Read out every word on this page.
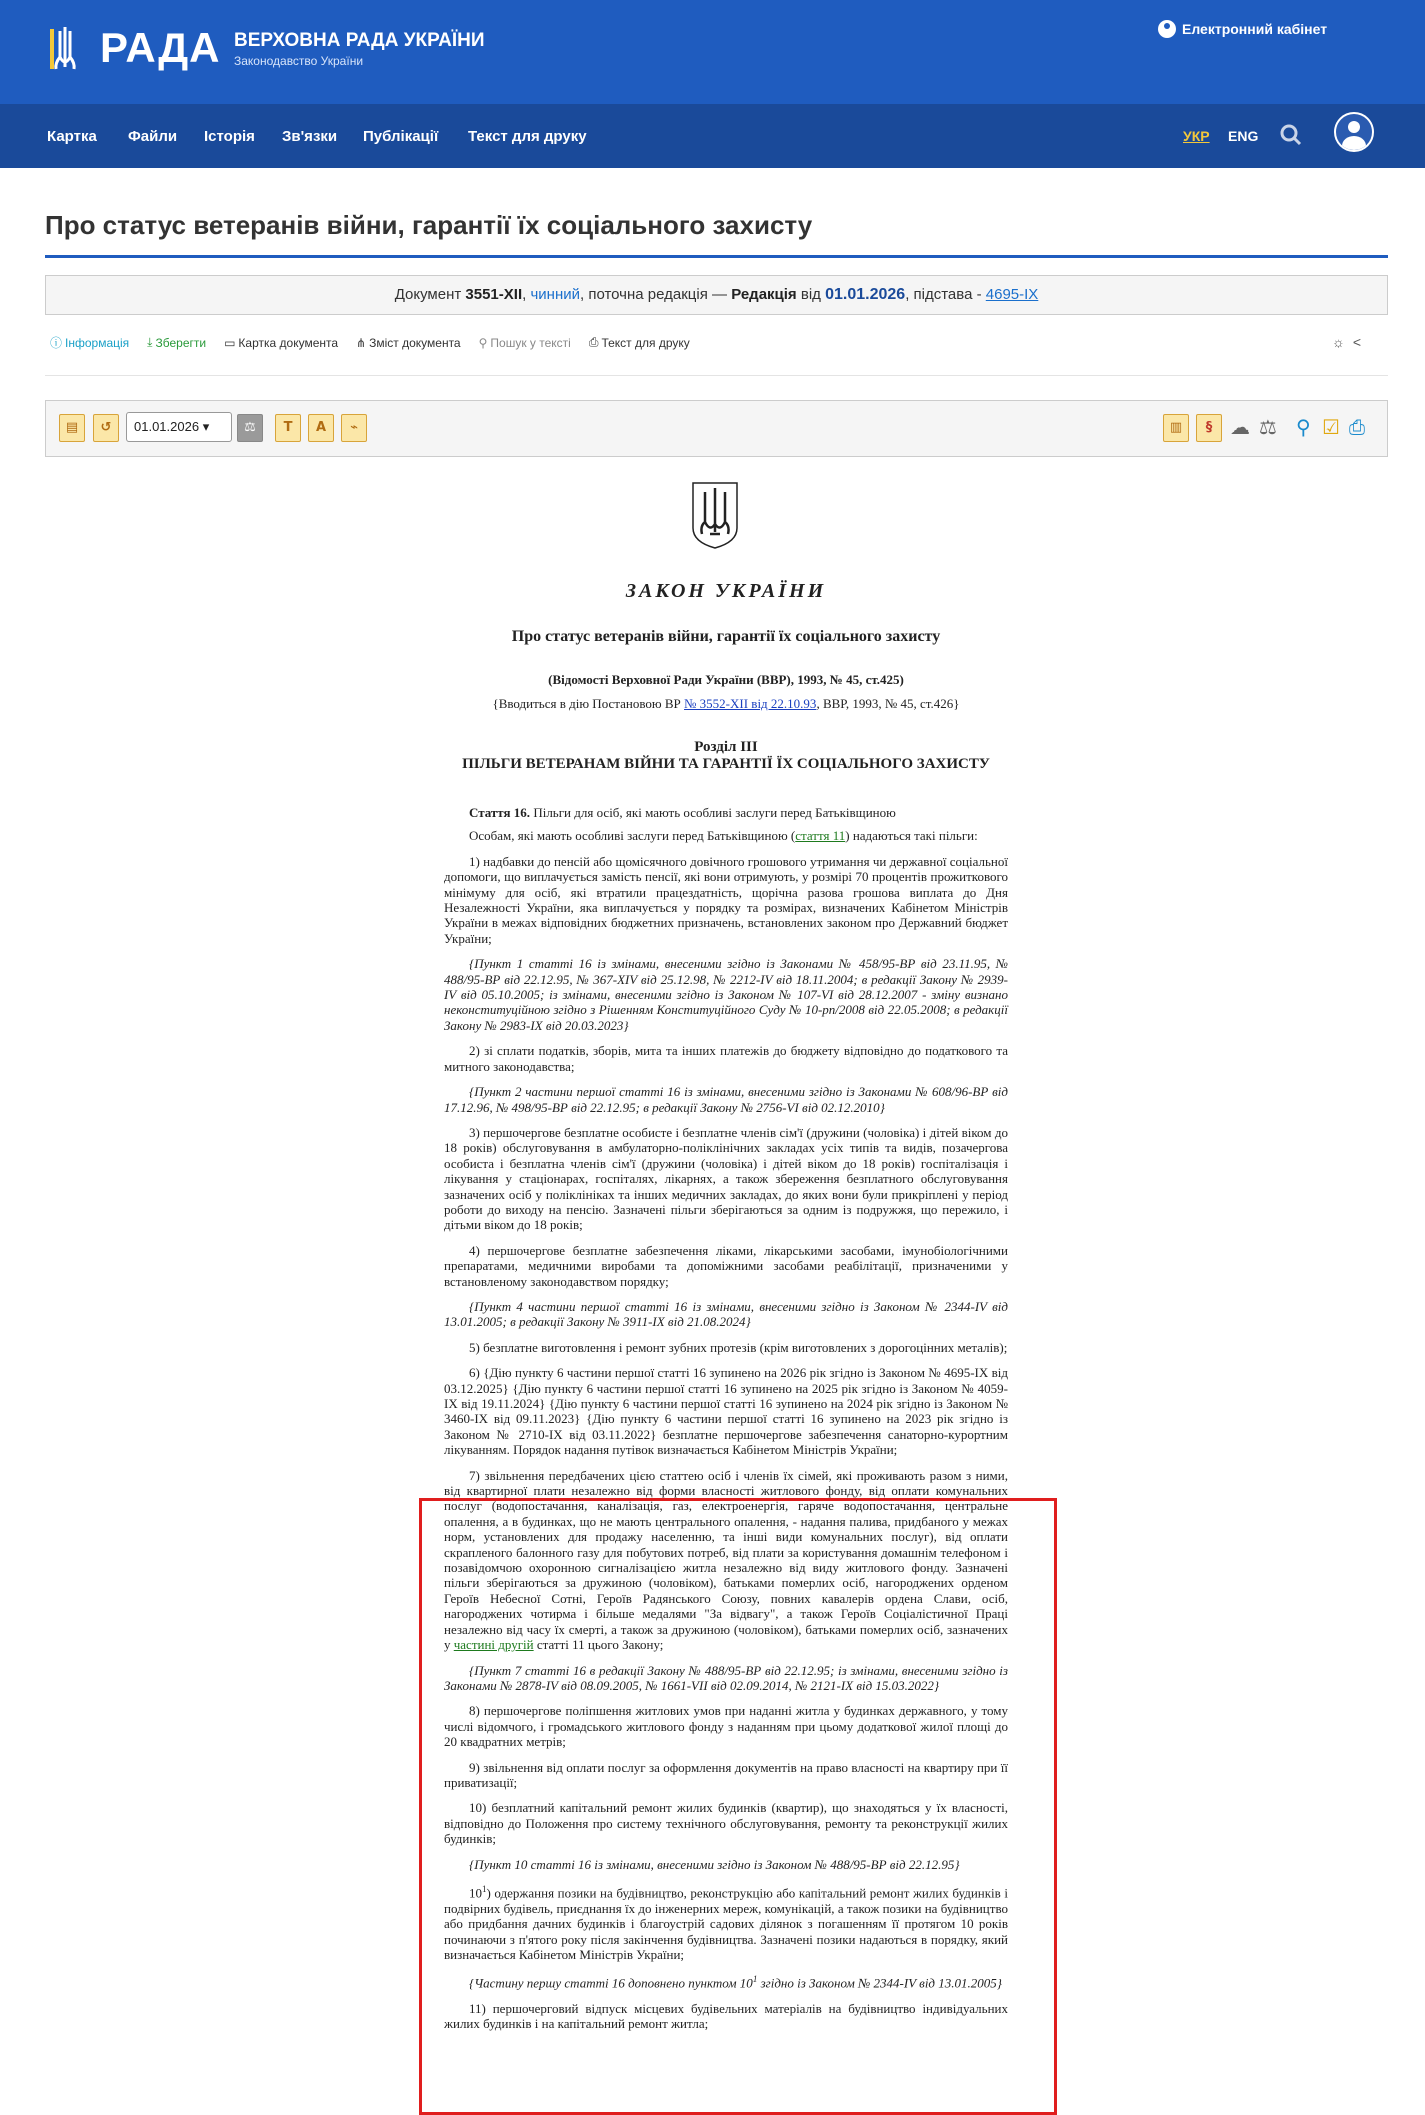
РАДА ВЕРХОВНА РАДА УКРАЇНИ
Законодавство України
Електронний кабінет
Картка Файли Історія Зв'язки Публікації Текст для друку	УКР ENG
Про статус ветеранів війни, гарантії їх соціального захисту
Документ 3551-XII, чинний, поточна редакція — Редакція від 01.01.2026, підстава - 4695-IX
ⓘ Інформація ⤓ Зберегти ▭ Картка документа ⋔ Зміст документа ⚲ Пошук у тексті ⎙ Текст для друку	☼<
▤	↺	01.01.2026 ▾	⚖	T	A	⌁	▥	§ ☁ ⚖ ⚲ ☑ ⎙
ЗАКОН УКРАЇНИ
Про статус ветеранів війни, гарантії їх соціального захисту
(Відомості Верховної Ради України (ВВР), 1993, № 45, ст.425)
{Вводиться в дію Постановою ВР № 3552-XII від 22.10.93, ВВР, 1993, № 45, ст.426}
Розділ III
ПІЛЬГИ ВЕТЕРАНАМ ВІЙНИ ТА ГАРАНТІЇ ЇХ СОЦІАЛЬНОГО ЗАХИСТУ

Стаття 16. Пільги для осіб, які мають особливі заслуги перед Батьківщиною

Особам, які мають особливі заслуги перед Батьківщиною (стаття 11) надаються такі пільги:

1) надбавки до пенсій або щомісячного довічного грошового утримання чи державної соціальної допомоги, що виплачується замість пенсії, які вони отримують, у розмірі 70 процентів прожиткового мінімуму для осіб, які втратили працездатність, щорічна разова грошова виплата до Дня Незалежності України, яка виплачується у порядку та розмірах, визначених Кабінетом Міністрів України в межах відповідних бюджетних призначень, встановлених законом про Державний бюджет України;

{Пункт 1 статті 16 із змінами, внесеними згідно із Законами № 458/95-ВР від 23.11.95, № 488/95-ВР від 22.12.95, № 367-XIV від 25.12.98, № 2212-IV від 18.11.2004; в редакції Закону № 2939-IV від 05.10.2005; із змінами, внесеними згідно із Законом № 107-VI від 28.12.2007 - зміну визнано неконституційною згідно з Рішенням Конституційного Суду № 10-рп/2008 від 22.05.2008; в редакції Закону № 2983-IX від 20.03.2023}

2) зі сплати податків, зборів, мита та інших платежів до бюджету відповідно до податкового та митного законодавства;

{Пункт 2 частини першої статті 16 із змінами, внесеними згідно із Законами № 608/96-ВР від 17.12.96, № 498/95-ВР від 22.12.95; в редакції Закону № 2756-VI від 02.12.2010}

3) першочергове безплатне особисте і безплатне членів сім'ї (дружини (чоловіка) і дітей віком до 18 років) обслуговування в амбулаторно-поліклінічних закладах усіх типів та видів, позачергова особиста і безплатна членів сім'ї (дружини (чоловіка) і дітей віком до 18 років) госпіталізація і лікування у стаціонарах, госпіталях, лікарнях, а також збереження безплатного обслуговування зазначених осіб у поліклініках та інших медичних закладах, до яких вони були прикріплені у період роботи до виходу на пенсію. Зазначені пільги зберігаються за одним із подружжя, що пережило, і дітьми віком до 18 років;

4) першочергове безплатне забезпечення ліками, лікарськими засобами, імунобіологічними препаратами, медичними виробами та допоміжними засобами реабілітації, призначеними у встановленому законодавством порядку;

{Пункт 4 частини першої статті 16 із змінами, внесеними згідно із Законом № 2344-IV від 13.01.2005; в редакції Закону № 3911-IX від 21.08.2024}

5) безплатне виготовлення і ремонт зубних протезів (крім виготовлених з дорогоцінних металів);

6) {Дію пункту 6 частини першої статті 16 зупинено на 2026 рік згідно із Законом № 4695-IX від 03.12.2025} {Дію пункту 6 частини першої статті 16 зупинено на 2025 рік згідно із Законом № 4059-IX від 19.11.2024} {Дію пункту 6 частини першої статті 16 зупинено на 2024 рік згідно із Законом № 3460-IX від 09.11.2023} {Дію пункту 6 частини першої статті 16 зупинено на 2023 рік згідно із Законом № 2710-IX від 03.11.2022} безплатне першочергове забезпечення санаторно-курортним лікуванням. Порядок надання путівок визначається Кабінетом Міністрів України;

7) звільнення передбачених цією статтею осіб і членів їх сімей, які проживають разом з ними, від квартирної плати незалежно від форми власності житлового фонду, від оплати комунальних послуг (водопостачання, каналізація, газ, електроенергія, гаряче водопостачання, центральне опалення, а в будинках, що не мають центрального опалення, - надання палива, придбаного у межах норм, установлених для продажу населенню, та інші види комунальних послуг), від оплати скрапленого балонного газу для побутових потреб, від плати за користування домашнім телефоном і позавідомчою охоронною сигналізацією житла незалежно від виду житлового фонду. Зазначені пільги зберігаються за дружиною (чоловіком), батьками померлих осіб, нагороджених орденом Героїв Небесної Сотні, Героїв Радянського Союзу, повних кавалерів ордена Слави, осіб, нагороджених чотирма і більше медалями "За відвагу", а також Героїв Соціалістичної Праці незалежно від часу їх смерті, а також за дружиною (чоловіком), батьками померлих осіб, зазначених у частині другій статті 11 цього Закону;

{Пункт 7 статті 16 в редакції Закону № 488/95-ВР від 22.12.95; із змінами, внесеними згідно із Законами № 2878-IV від 08.09.2005, № 1661-VII від 02.09.2014, № 2121-IX від 15.03.2022}

8) першочергове поліпшення житлових умов при наданні житла у будинках державного, у тому числі відомчого, і громадського житлового фонду з наданням при цьому додаткової жилої площі до 20 квадратних метрів;

9) звільнення від оплати послуг за оформлення документів на право власності на квартиру при її приватизації;

10) безплатний капітальний ремонт жилих будинків (квартир), що знаходяться у їх власності, відповідно до Положення про систему технічного обслуговування, ремонту та реконструкції жилих будинків;

{Пункт 10 статті 16 із змінами, внесеними згідно із Законом № 488/95-ВР від 22.12.95}

$10^1$) одержання позики на будівництво, реконструкцію або капітальний ремонт жилих будинків і подвірних будівель, приєднання їх до інженерних мереж, комунікацій, а також позики на будівництво або придбання дачних будинків і благоустрій садових ділянок з погашенням її протягом 10 років починаючи з п'ятого року після закінчення будівництва. Зазначені позики надаються в порядку, який визначається Кабінетом Міністрів України;

{Частину першу статті 16 доповнено пунктом $10^1$ згідно із Законом № 2344-IV від 13.01.2005}

11) першочерговий відпуск місцевих будівельних матеріалів на будівництво індивідуальних жилих будинків і на капітальний ремонт житла;
